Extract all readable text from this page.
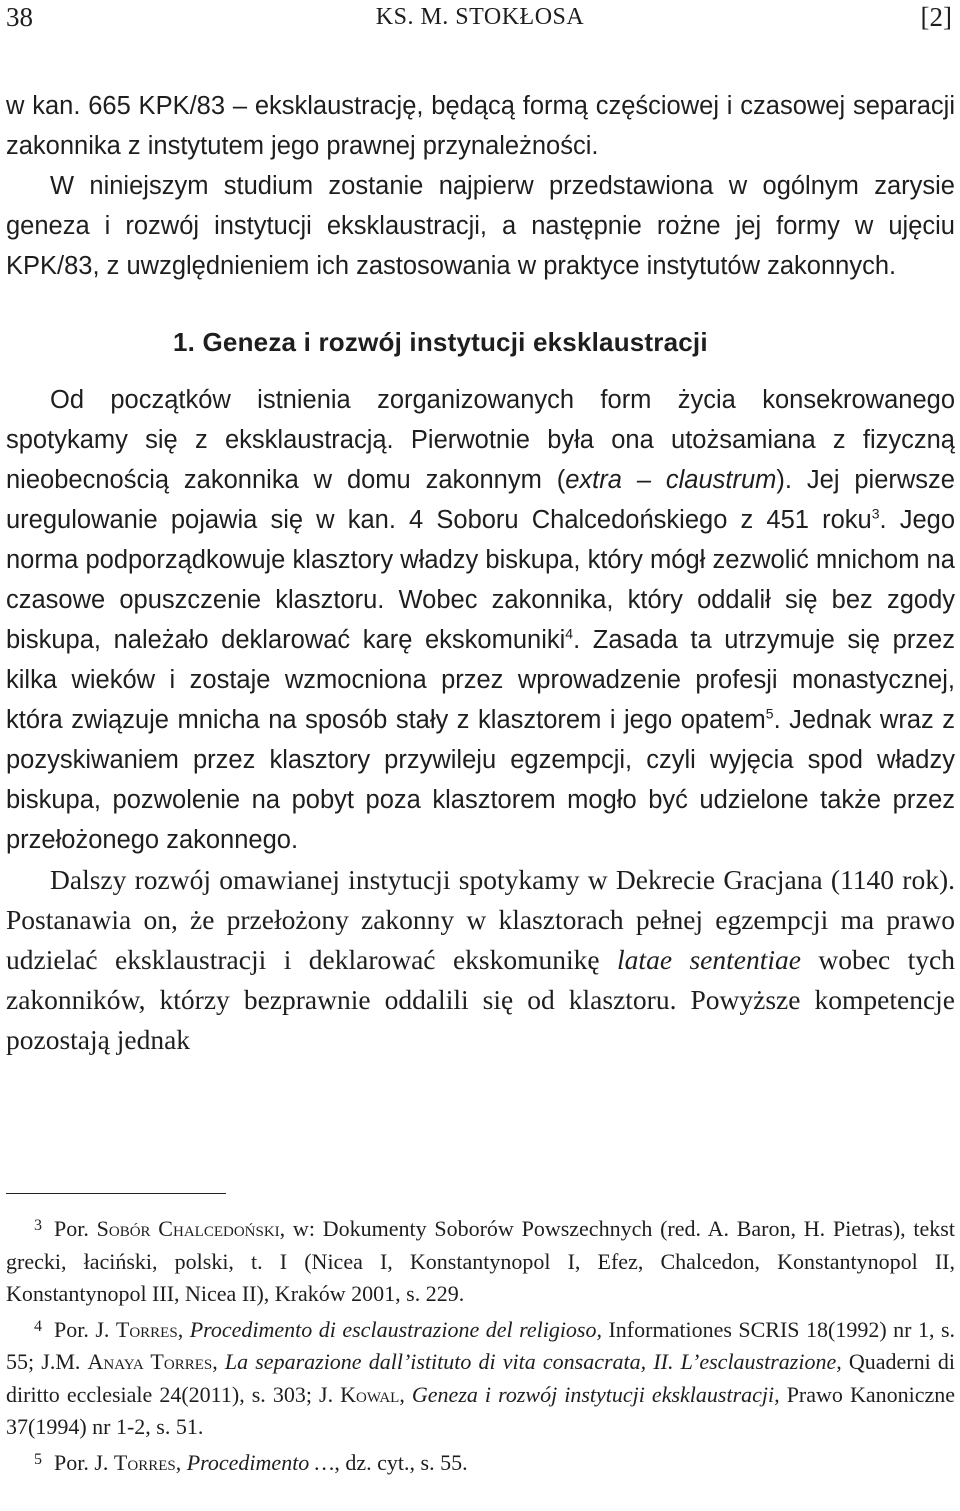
38	KS. M. STOKŁOSA	[2]

w kan. 665 KPK/83 – eksklaustrację, będącą formą częściowej i czasowej separacji zakonnika z instytutem jego prawnej przynależności.

W niniejszym studium zostanie najpierw przedstawiona w ogólnym zarysie geneza i rozwój instytucji eksklaustracji, a następnie rożne jej formy w ujęciu KPK/83, z uwzględnieniem ich zastosowania w praktyce instytutów zakonnych.

1. Geneza i rozwój instytucji eksklaustracji

Od początków istnienia zorganizowanych form życia konsekrowanego spotykamy się z eksklaustracją. Pierwotnie była ona utożsamiana z fizyczną nieobecnością zakonnika w domu zakonnym (extra – claustrum). Jej pierwsze uregulowanie pojawia się w kan. 4 Soboru Chalcedońskiego z 451 roku$^3$. Jego norma podporządkowuje klasztory władzy biskupa, który mógł zezwolić mnichom na czasowe opuszczenie klasztoru. Wobec zakonnika, który oddalił się bez zgody biskupa, należało deklarować karę ekskomuniki$^4$. Zasada ta utrzymuje się przez kilka wieków i zostaje wzmocniona przez wprowadzenie profesji monastycznej, która związuje mnicha na sposób stały z klasztorem i jego opatem$^5$. Jednak wraz z pozyskiwaniem przez klasztory przywileju egzempcji, czyli wyjęcia spod władzy biskupa, pozwolenie na pobyt poza klasztorem mogło być udzielone także przez przełożonego zakonnego.

Dalszy rozwój omawianej instytucji spotykamy w Dekrecie Gracjana (1140 rok). Postanawia on, że przełożony zakonny w klasztorach pełnej egzempcji ma prawo udzielać eksklaustracji i deklarować ekskomunikę latae sententiae wobec tych zakonników, którzy bezprawnie oddalili się od klasztoru. Powyższe kompetencje pozostają jednak

3 Por. Sobór Chalcedoński, w: Dokumenty Soborów Powszechnych (red. A. Baron, H. Pietras), tekst grecki, łaciński, polski, t. I (Nicea I, Konstantynopol I, Efez, Chalcedon, Konstantynopol II, Konstantynopol III, Nicea II), Kraków 2001, s. 229.

4 Por. J. Torres, Procedimento di esclaustrazione del religioso, Informationes SCRIS 18(1992) nr 1, s. 55; J.M. Anaya Torres, La separazione dall’istituto di vita consacrata, II. L’esclaustrazione, Quaderni di diritto ecclesiale 24(2011), s. 303; J. Kowal, Geneza i rozwój instytucji eksklaustracji, Prawo Kanoniczne 37(1994) nr 1-2, s. 51.

5 Por. J. Torres, Procedimento …, dz. cyt., s. 55.
